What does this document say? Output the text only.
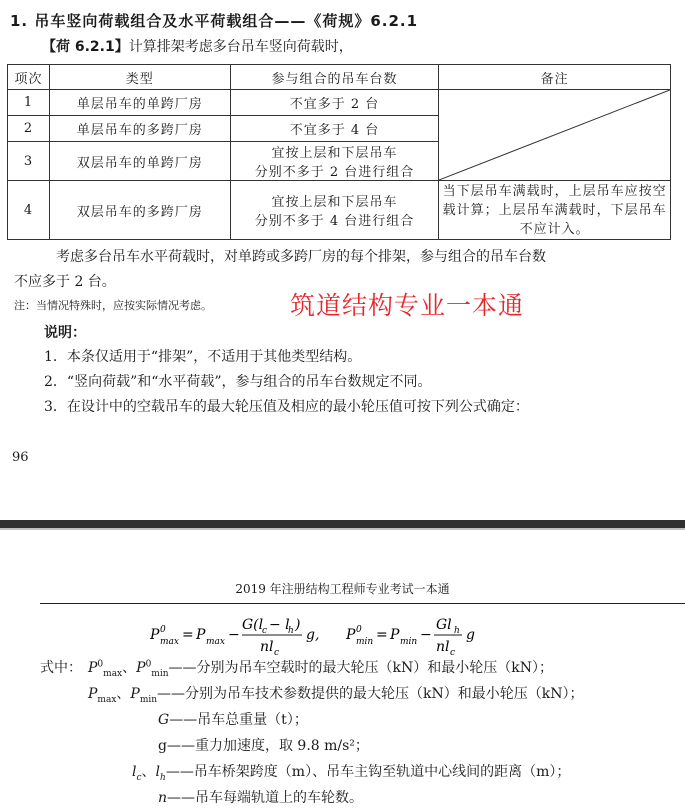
1. 吊车竖向荷载组合及水平荷载组合——《荷规》6.2.1
【荷 6.2.1】计算排架考虑多台吊车竖向荷载时，
项次	类型	参与组合的吊车台数	备注
1	单层吊车的单跨厂房	不宜多于 2 台	

2	单层吊车的多跨厂房	不宜多于 4 台	
3	双层吊车的单跨厂房	宜按上层和下层吊车
分别不多于 2 台进行组合	
4	双层吊车的多跨厂房	宜按上层和下层吊车
分别不多于 4 台进行组合	当下层吊车满载时，上层吊车应按空载计算；上层吊车满载时，下层吊车不应计入。
考虑多台吊车水平荷载时，对单跨或多跨厂房的每个排架，参与组合的吊车台数
不应多于 2 台。
注：当情况特殊时，应按实际情况考虑。	筑道结构专业一本通
说明：
1．本条仅适用于“排架”，不适用于其他类型结构。
2．“竖向荷载”和“水平荷载”，参与组合的吊车台数规定不同。
3．在设计中的空载吊车的最大轮压值及相应的最小轮压值可按下列公式确定：
96
2019 年注册结构工程师专业考试一本通
P 0
max = P max −
G(l
c − l
h )
nl c
g, P 0
min = P min −
Gl h
nl c
g
式中： $P^0_{max}$、$P^0_{min}——$分别为吊车空载时的最大轮压（kN）和最小轮压（kN）；
$P_{max}$、$P_{min}——$分别为吊车技术参数提供的最大轮压（kN）和最小轮压（kN）；
G——吊车总重量（t）；
g——重力加速度，取 9.8 m/s²；
$l_c$、$l_h——$吊车桥架跨度（m）、吊车主钩至轨道中心线间的距离（m）；
n——吊车每端轨道上的车轮数。
